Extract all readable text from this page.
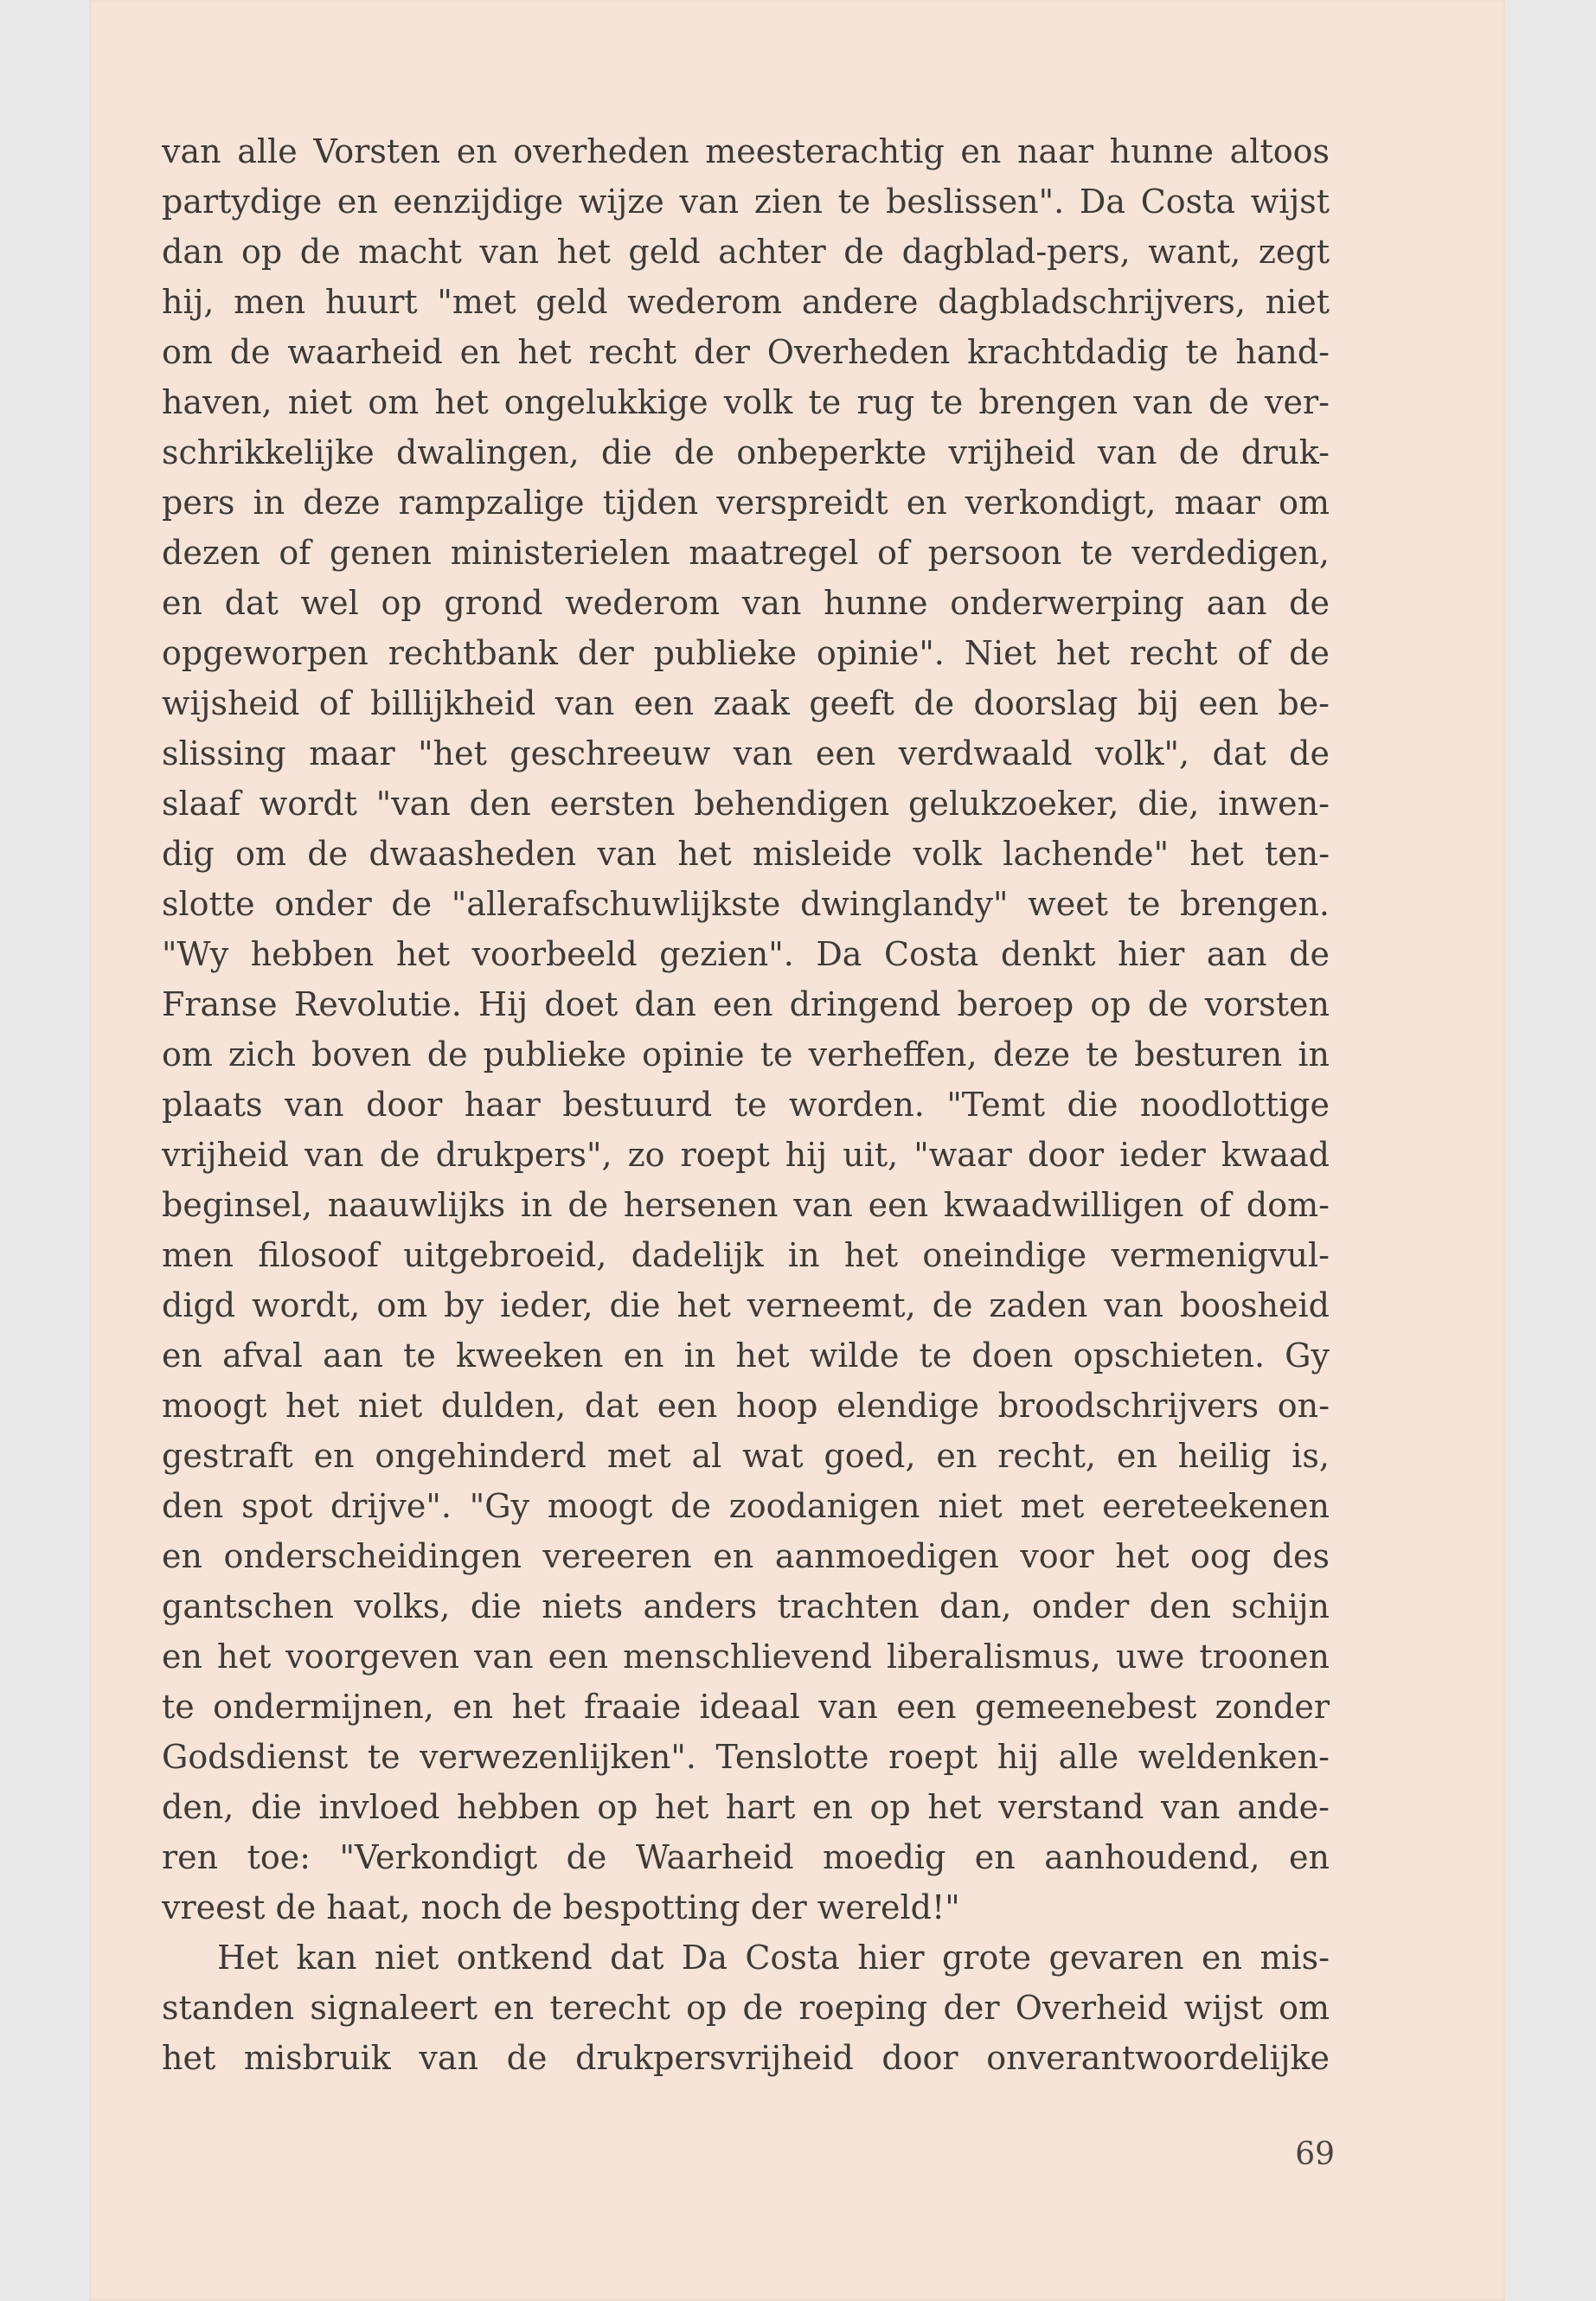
van alle Vorsten en overheden meesterachtig en naar hunne altoos
partydige en eenzijdige wijze van zien te beslissen". Da Costa wijst
dan op de macht van het geld achter de dagblad-pers, want, zegt
hij, men huurt "met geld wederom andere dagbladschrijvers, niet
om de waarheid en het recht der Overheden krachtdadig te hand-
haven, niet om het ongelukkige volk te rug te brengen van de ver-
schrikkelijke dwalingen, die de onbeperkte vrijheid van de druk-
pers in deze rampzalige tijden verspreidt en verkondigt, maar om
dezen of genen ministerielen maatregel of persoon te verdedigen,
en dat wel op grond wederom van hunne onderwerping aan de
opgeworpen rechtbank der publieke opinie". Niet het recht of de
wijsheid of billijkheid van een zaak geeft de doorslag bij een be-
slissing maar "het geschreeuw van een verdwaald volk", dat de
slaaf wordt "van den eersten behendigen gelukzoeker, die, inwen-
dig om de dwaasheden van het misleide volk lachende" het ten-
slotte onder de "allerafschuwlijkste dwinglandy" weet te brengen.
"Wy hebben het voorbeeld gezien". Da Costa denkt hier aan de
Franse Revolutie. Hij doet dan een dringend beroep op de vorsten
om zich boven de publieke opinie te verheffen, deze te besturen in
plaats van door haar bestuurd te worden. "Temt die noodlottige
vrijheid van de drukpers", zo roept hij uit, "waar door ieder kwaad
beginsel, naauwlijks in de hersenen van een kwaadwilligen of dom-
men filosoof uitgebroeid, dadelijk in het oneindige vermenigvul-
digd wordt, om by ieder, die het verneemt, de zaden van boosheid
en afval aan te kweeken en in het wilde te doen opschieten. Gy
moogt het niet dulden, dat een hoop elendige broodschrijvers on-
gestraft en ongehinderd met al wat goed, en recht, en heilig is,
den spot drijve". "Gy moogt de zoodanigen niet met eereteekenen
en onderscheidingen vereeren en aanmoedigen voor het oog des
gantschen volks, die niets anders trachten dan, onder den schijn
en het voorgeven van een menschlievend liberalismus, uwe troonen
te ondermijnen, en het fraaie ideaal van een gemeenebest zonder
Godsdienst te verwezenlijken". Tenslotte roept hij alle weldenken-
den, die invloed hebben op het hart en op het verstand van ande-
ren toe: "Verkondigt de Waarheid moedig en aanhoudend, en
vreest de haat, noch de bespotting der wereld!"
Het kan niet ontkend dat Da Costa hier grote gevaren en mis-
standen signaleert en terecht op de roeping der Overheid wijst om
het misbruik van de drukpersvrijheid door onverantwoordelijke
69
